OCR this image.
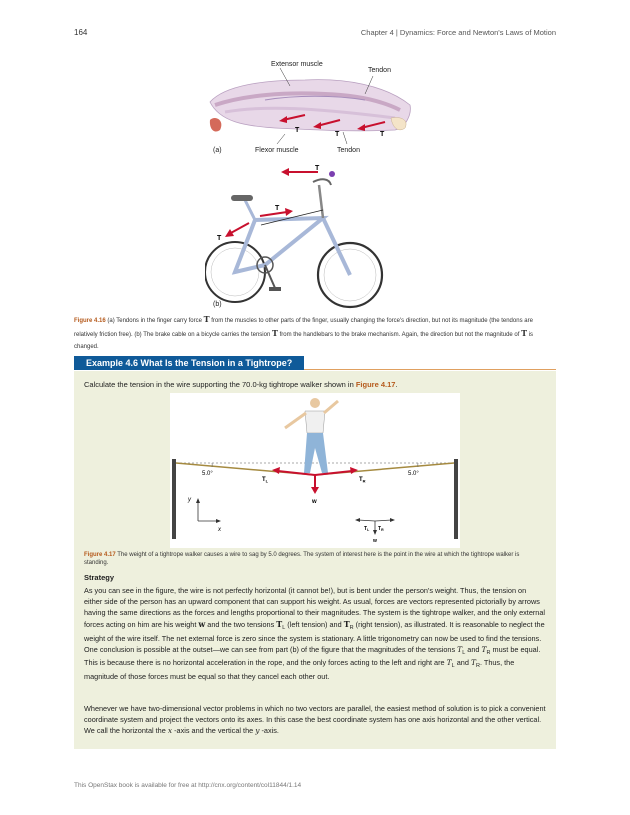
164	Chapter 4 | Dynamics: Force and Newton's Laws of Motion
Extensor muscle
Tendon
T
T	T
(a)	Flexor muscle	Tendon
T
T
T
(b)
Figure 4.16 (a) Tendons in the finger carry force T from the muscles to other parts of the finger, usually changing the force's direction, but not its magnitude (the tendons are relatively friction free). (b) The brake cable on a bicycle carries the tension T from the handlebars to the brake mechanism. Again, the direction but not the magnitude of T is changed.
Example 4.6 What Is the Tension in a Tightrope?
Calculate the tension in the wire supporting the 70.0-kg tightrope walker shown in Figure 4.17.
5.0°	5.0°
$T_L$	$T_R$
w
y
x	$T_L$ $T_R$
w
Figure 4.17 The weight of a tightrope walker causes a wire to sag by 5.0 degrees. The system of interest here is the point in the wire at which the tightrope walker is standing.
Strategy
As you can see in the figure, the wire is not perfectly horizontal (it cannot be!), but is bent under the person's weight. Thus, the tension on either side of the person has an upward component that can support his weight. As usual, forces are vectors represented pictorially by arrows having the same directions as the forces and lengths proportional to their magnitudes. The system is the tightrope walker, and the only external forces acting on him are his weight w and the two tensions $T_L$ (left tension) and $T_R$ (right tension), as illustrated. It is reasonable to neglect the weight of the wire itself. The net external force is zero since the system is stationary. A little trigonometry can now be used to find the tensions. One conclusion is possible at the outset—we can see from part (b) of the figure that the magnitudes of the tensions $T_L$ and $T_R$ must be equal. This is because there is no horizontal acceleration in the rope, and the only forces acting to the left and right are $T_L$ and $T_R$. Thus, the magnitude of those forces must be equal so that they cancel each other out.
Whenever we have two-dimensional vector problems in which no two vectors are parallel, the easiest method of solution is to pick a convenient coordinate system and project the vectors onto its axes. In this case the best coordinate system has one axis horizontal and the other vertical. We call the horizontal the x -axis and the vertical the y -axis.
This OpenStax book is available for free at http://cnx.org/content/col11844/1.14
